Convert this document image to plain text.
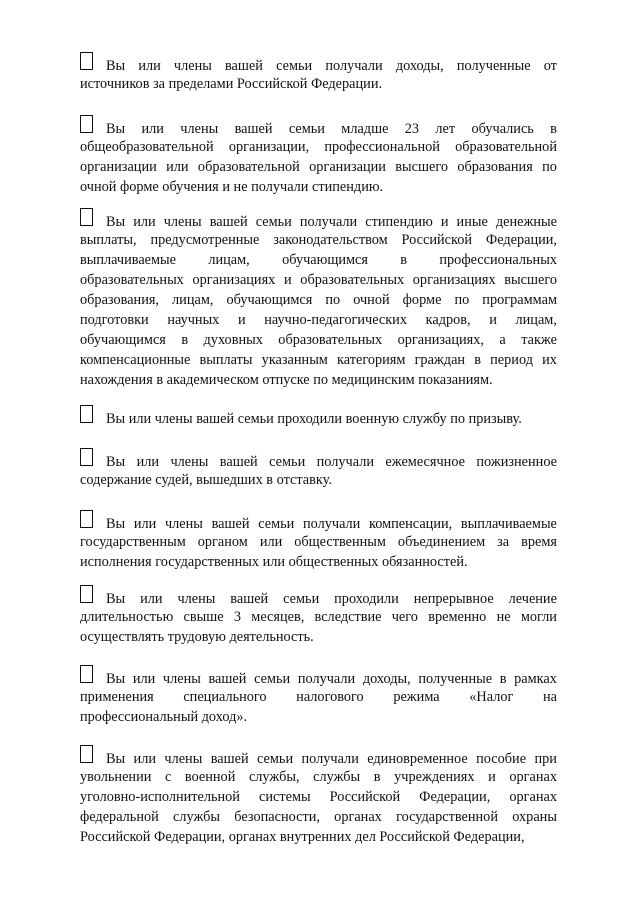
Вы или члены вашей семьи получали доходы, полученные от
источников за пределами Российской Федерации.
Вы или члены вашей семьи младше 23 лет обучались в
общеобразовательной организации, профессиональной образовательной
организации или образовательной организации высшего образования по
очной форме обучения и не получали стипендию.
Вы или члены вашей семьи получали стипендию и иные денежные
выплаты, предусмотренные законодательством Российской Федерации,
выплачиваемые лицам, обучающимся в профессиональных
образовательных организациях и образовательных организациях высшего
образования, лицам, обучающимся по очной форме по программам
подготовки научных и научно-педагогических кадров, и лицам,
обучающимся в духовных образовательных организациях, а также
компенсационные выплаты указанным категориям граждан в период их
нахождения в академическом отпуске по медицинским показаниям.
Вы или члены вашей семьи проходили военную службу по призыву.
Вы или члены вашей семьи получали ежемесячное пожизненное
содержание судей, вышедших в отставку.
Вы или члены вашей семьи получали компенсации, выплачиваемые
государственным органом или общественным объединением за время
исполнения государственных или общественных обязанностей.
Вы или члены вашей семьи проходили непрерывное лечение
длительностью свыше 3 месяцев, вследствие чего временно не могли
осуществлять трудовую деятельность.
Вы или члены вашей семьи получали доходы, полученные в рамках
применения специального налогового режима «Налог на
профессиональный доход».
Вы или члены вашей семьи получали единовременное пособие при
увольнении с военной службы, службы в учреждениях и органах
уголовно-исполнительной системы Российской Федерации, органах
федеральной службы безопасности, органах государственной охраны
Российской Федерации, органах внутренних дел Российской Федерации,
